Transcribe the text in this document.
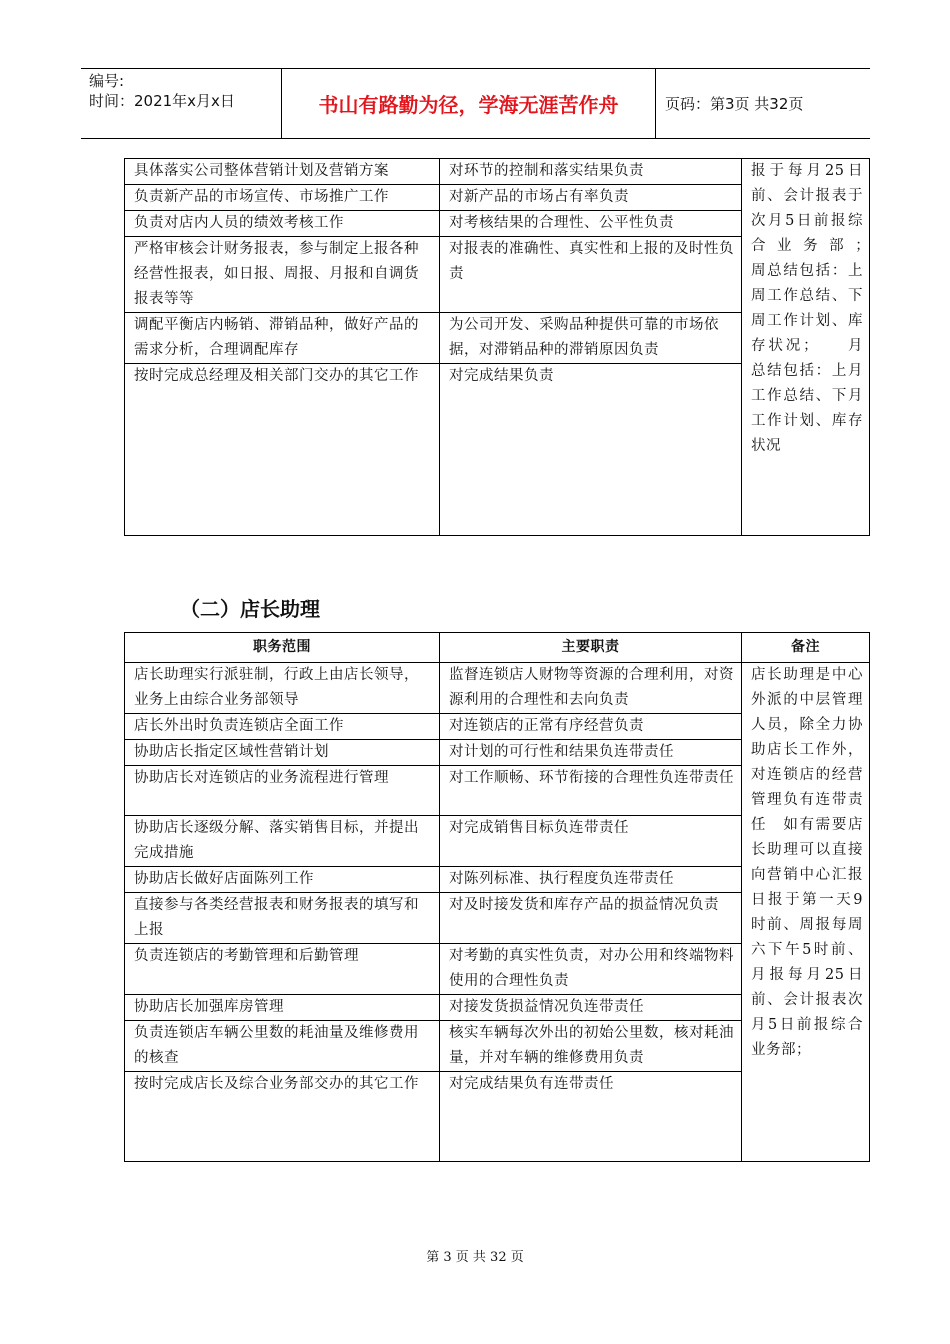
编号:
时间：2021年x月x日	书山有路勤为径，学海无涯苦作舟	页码：第3页 共32页
具体落实公司整体营销计划及营销方案	对环节的控制和落实结果负责	报于每月25日前、会计报表于次月5日前报综合业务部；　　周总结包括：上周工作总结、下周工作计划、库存状况；　　月总结包括：上月工作总结、下月工作计划、库存状况
负责新产品的市场宣传、市场推广工作	对新产品的市场占有率负责	
负责对店内人员的绩效考核工作	对考核结果的合理性、公平性负责	
严格审核会计财务报表，参与制定上报各种经营性报表，如日报、周报、月报和自调货报表等等	对报表的准确性、真实性和上报的及时性负责	
调配平衡店内畅销、滞销品种，做好产品的需求分析，合理调配库存	为公司开发、采购品种提供可靠的市场依据，对滞销品种的滞销原因负责	
按时完成总经理及相关部门交办的其它工作	对完成结果负责	
（二）店长助理
职务范围	主要职责	备注
店长助理实行派驻制，行政上由店长领导，业务上由综合业务部领导	监督连锁店人财物等资源的合理利用，对资源利用的合理性和去向负责	店长助理是中心外派的中层管理人员，除全力协助店长工作外，对连锁店的经营管理负有连带责任　如有需要店长助理可以直接向营销中心汇报　日报于第一天9时前、周报每周六下午5时前、月报每月25日前、会计报表次月5日前报综合业务部；
店长外出时负责连锁店全面工作	对连锁店的正常有序经营负责	
协助店长指定区域性营销计划	对计划的可行性和结果负连带责任	
协助店长对连锁店的业务流程进行管理	对工作顺畅、环节衔接的合理性负连带责任	
协助店长逐级分解、落实销售目标，并提出完成措施	对完成销售目标负连带责任	
协助店长做好店面陈列工作	对陈列标准、执行程度负连带责任	
直接参与各类经营报表和财务报表的填写和上报	对及时接发货和库存产品的损益情况负责	
负责连锁店的考勤管理和后勤管理	对考勤的真实性负责，对办公用和终端物料使用的合理性负责	
协助店长加强库房管理	对接发货损益情况负连带责任	
负责连锁店车辆公里数的耗油量及维修费用的核查	核实车辆每次外出的初始公里数，核对耗油量，并对车辆的维修费用负责	
按时完成店长及综合业务部交办的其它工作	对完成结果负有连带责任	
第 3 页 共 32 页
